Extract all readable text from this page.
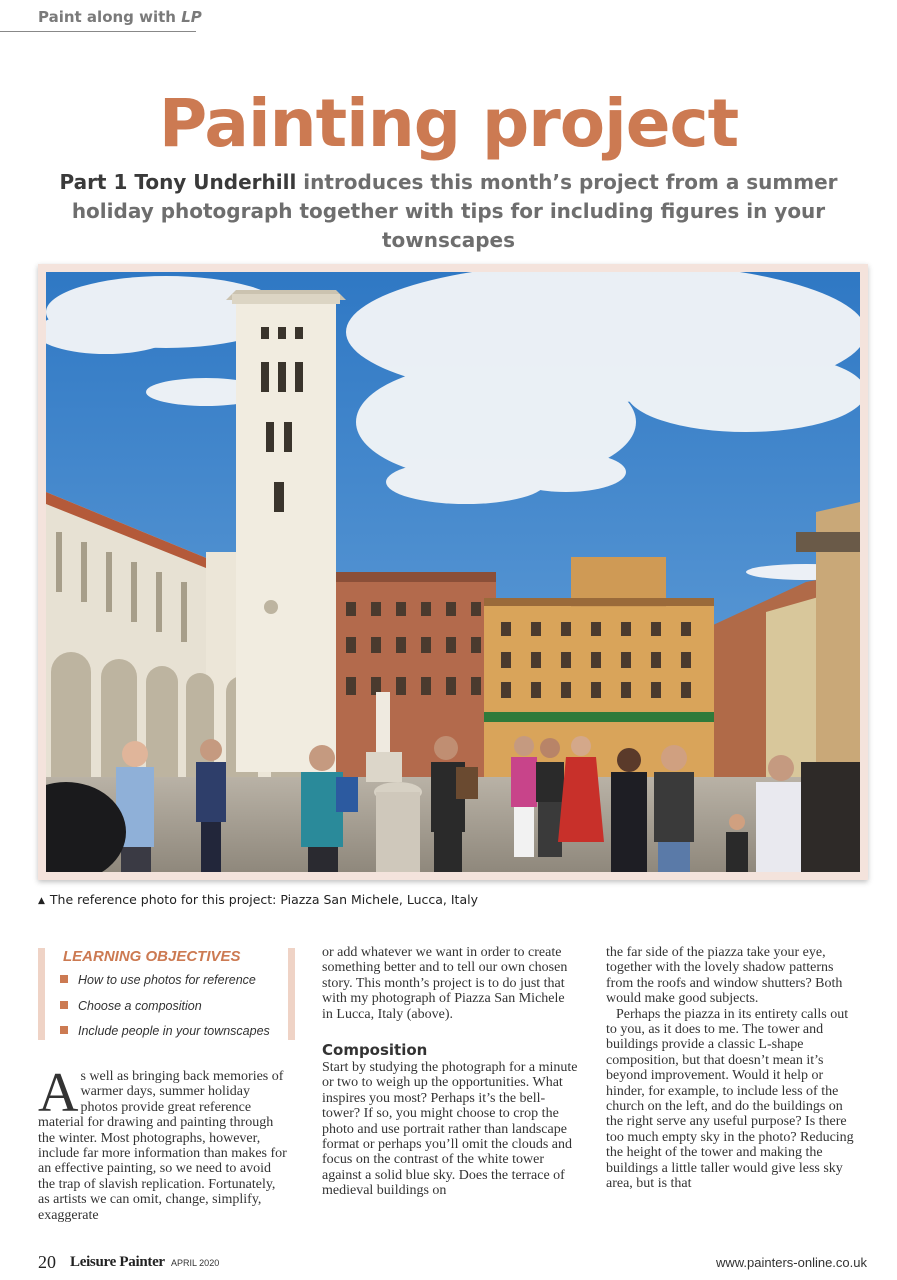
Paint along with LP
Painting project
Part 1 Tony Underhill introduces this month’s project from a summer holiday photograph together with tips for including figures in your townscapes
▲ The reference photo for this project: Piazza San Michele, Lucca, Italy
LEARNING OBJECTIVES
How to use photos for reference
Choose a composition
Include people in your townscapes

As well as bringing back memories of warmer days, summer holiday photos provide great reference material for drawing and painting through the winter. Most photographs, however, include far more information than makes for an effective painting, so we need to avoid the trap of slavish replication. Fortunately, as artists we can omit, change, simplify, exaggerate

or add whatever we want in order to create something better and to tell our own chosen story. This month’s project is to do just that with my photograph of Piazza San Michele in Lucca, Italy (above).

Composition

Start by studying the photograph for a minute or two to weigh up the opportunities. What inspires you most? Perhaps it’s the bell-tower? If so, you might choose to crop the photo and use portrait rather than landscape format or perhaps you’ll omit the clouds and focus on the contrast of the white tower against a solid blue sky. Does the terrace of medieval buildings on

the far side of the piazza take your eye, together with the lovely shadow patterns from the roofs and window shutters? Both would make good subjects.

Perhaps the piazza in its entirety calls out to you, as it does to me. The tower and buildings provide a classic L-shape composition, but that doesn’t mean it’s beyond improvement. Would it help or hinder, for example, to include less of the church on the left, and do the buildings on the right serve any useful purpose? Is there too much empty sky in the photo? Reducing the height of the tower and making the buildings a little taller would give less sky area, but is that

20 Leisure Painter APRIL 2020	www.painters-online.co.uk
